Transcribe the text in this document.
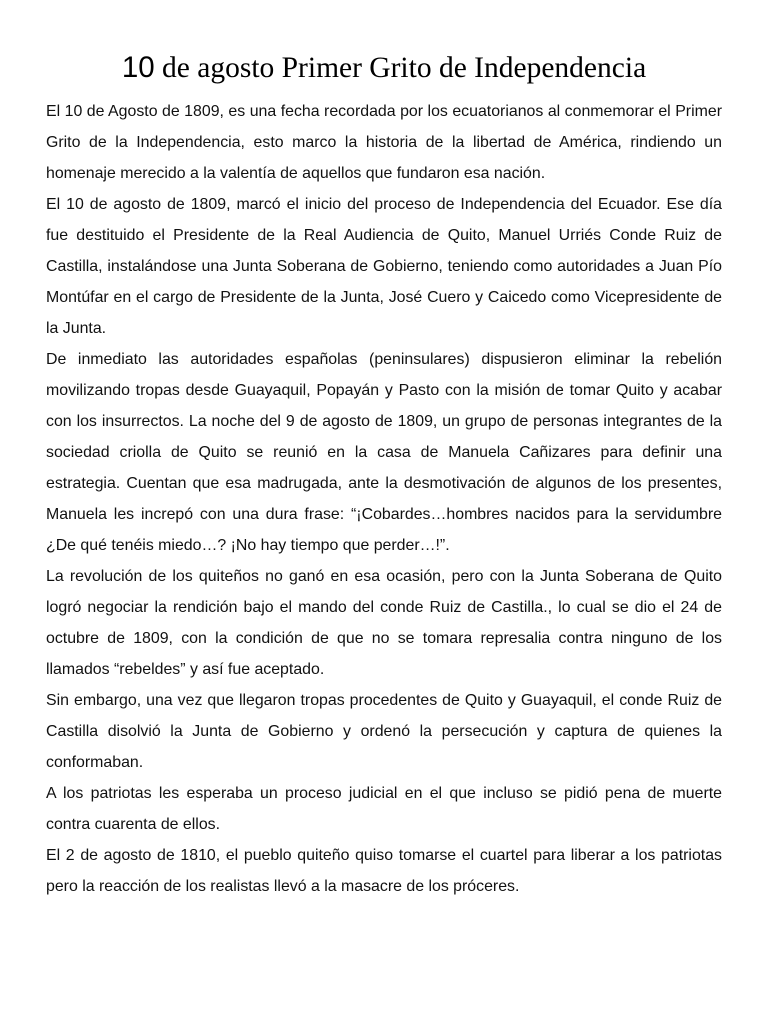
10 de agosto Primer Grito de Independencia

El 10 de Agosto de 1809, es una fecha recordada por los ecuatorianos al conmemorar el Primer Grito de la Independencia, esto marco la historia de la libertad de América, rindiendo un homenaje merecido a la valentía de aquellos que fundaron esa nación.

El 10 de agosto de 1809, marcó el inicio del proceso de Independencia del Ecuador. Ese día fue destituido el Presidente de la Real Audiencia de Quito, Manuel Urriés Conde Ruiz de Castilla, instalándose una Junta Soberana de Gobierno, teniendo como autoridades a Juan Pío Montúfar en el cargo de Presidente de la Junta, José Cuero y Caicedo como Vicepresidente de la Junta.

De inmediato las autoridades españolas (peninsulares) dispusieron eliminar la rebelión movilizando tropas desde Guayaquil, Popayán y Pasto con la misión de tomar Quito y acabar con los insurrectos. La noche del 9 de agosto de 1809, un grupo de personas integrantes de la sociedad criolla de Quito se reunió en la casa de Manuela Cañizares para definir una estrategia. Cuentan que esa madrugada, ante la desmotivación de algunos de los presentes, Manuela les increpó con una dura frase: “¡Cobardes…hombres nacidos para la servidumbre ¿De qué tenéis miedo…? ¡No hay tiempo que perder…!”.

La revolución de los quiteños no ganó en esa ocasión, pero con la Junta Soberana de Quito logró negociar la rendición bajo el mando del conde Ruiz de Castilla., lo cual se dio el 24 de octubre de 1809, con la condición de que no se tomara represalia contra ninguno de los llamados “rebeldes” y así fue aceptado.

Sin embargo, una vez que llegaron tropas procedentes de Quito y Guayaquil, el conde Ruiz de Castilla disolvió la Junta de Gobierno y ordenó la persecución y captura de quienes la conformaban.

A los patriotas les esperaba un proceso judicial en el que incluso se pidió pena de muerte contra cuarenta de ellos.

El 2 de agosto de 1810, el pueblo quiteño quiso tomarse el cuartel para liberar a los patriotas pero la reacción de los realistas llevó a la masacre de los próceres.
